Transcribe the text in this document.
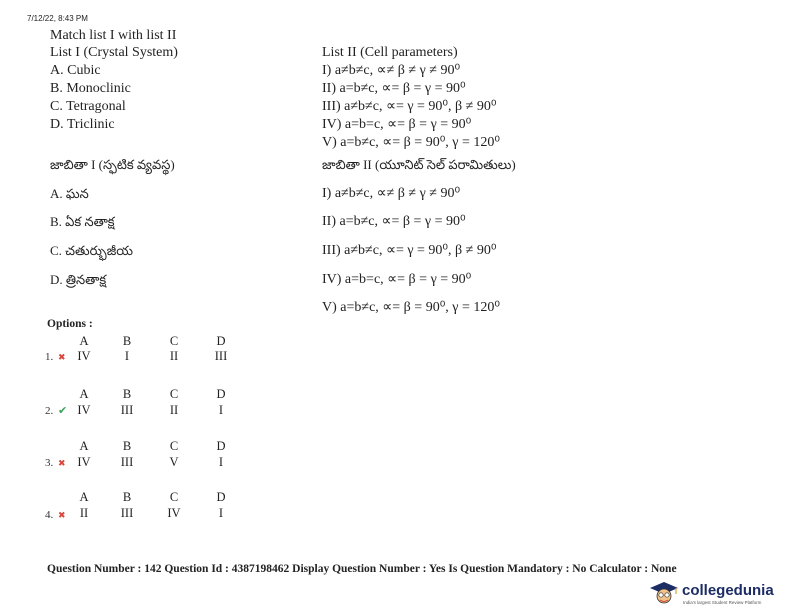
7/12/22, 8:43 PM
Match list I with list II
List I (Crystal System)
A. Cubic
B. Monoclinic
C. Tetragonal
D. Triclinic
List II (Cell parameters)
I) a≠b≠c, ∝≠ β ≠ γ ≠ 90⁰
II) a=b≠c, ∝= β = γ = 90⁰
III) a≠b≠c, ∝= γ = 90⁰, β ≠ 90⁰
IV) a=b=c, ∝= β = γ = 90⁰
V) a=b≠c, ∝= β = 90⁰, γ = 120⁰
జాబితా I (స్ఫటిక వ్యవస్థ)
A. ఘన
B. ఏక నతాక్ష
C. చతుర్భుజీయ
D. త్రినతాక్ష
జాబితా II (యూనిట్ సెల్ పరామితులు)
I) a≠b≠c, ∝≠ β ≠ γ ≠ 90⁰
II) a=b≠c, ∝= β = γ = 90⁰
III) a≠b≠c, ∝= γ = 90⁰, β ≠ 90⁰
IV) a=b=c, ∝= β = γ = 90⁰
V) a=b≠c, ∝= β = 90⁰, γ = 120⁰
Options :
A	B	C	D
1. ✖ IV	I	II	III
A	B	C	D
2. ✔ IV	III	II	I
A	B	C	D
3. ✖ IV	III	V	I
A	B	C	D
4. ✖	II	III	IV	I
Question Number : 142 Question Id : 4387198462 Display Question Number : Yes Is Question Mandatory : No Calculator : None
collegedunia
India's largest Student Review Platform
